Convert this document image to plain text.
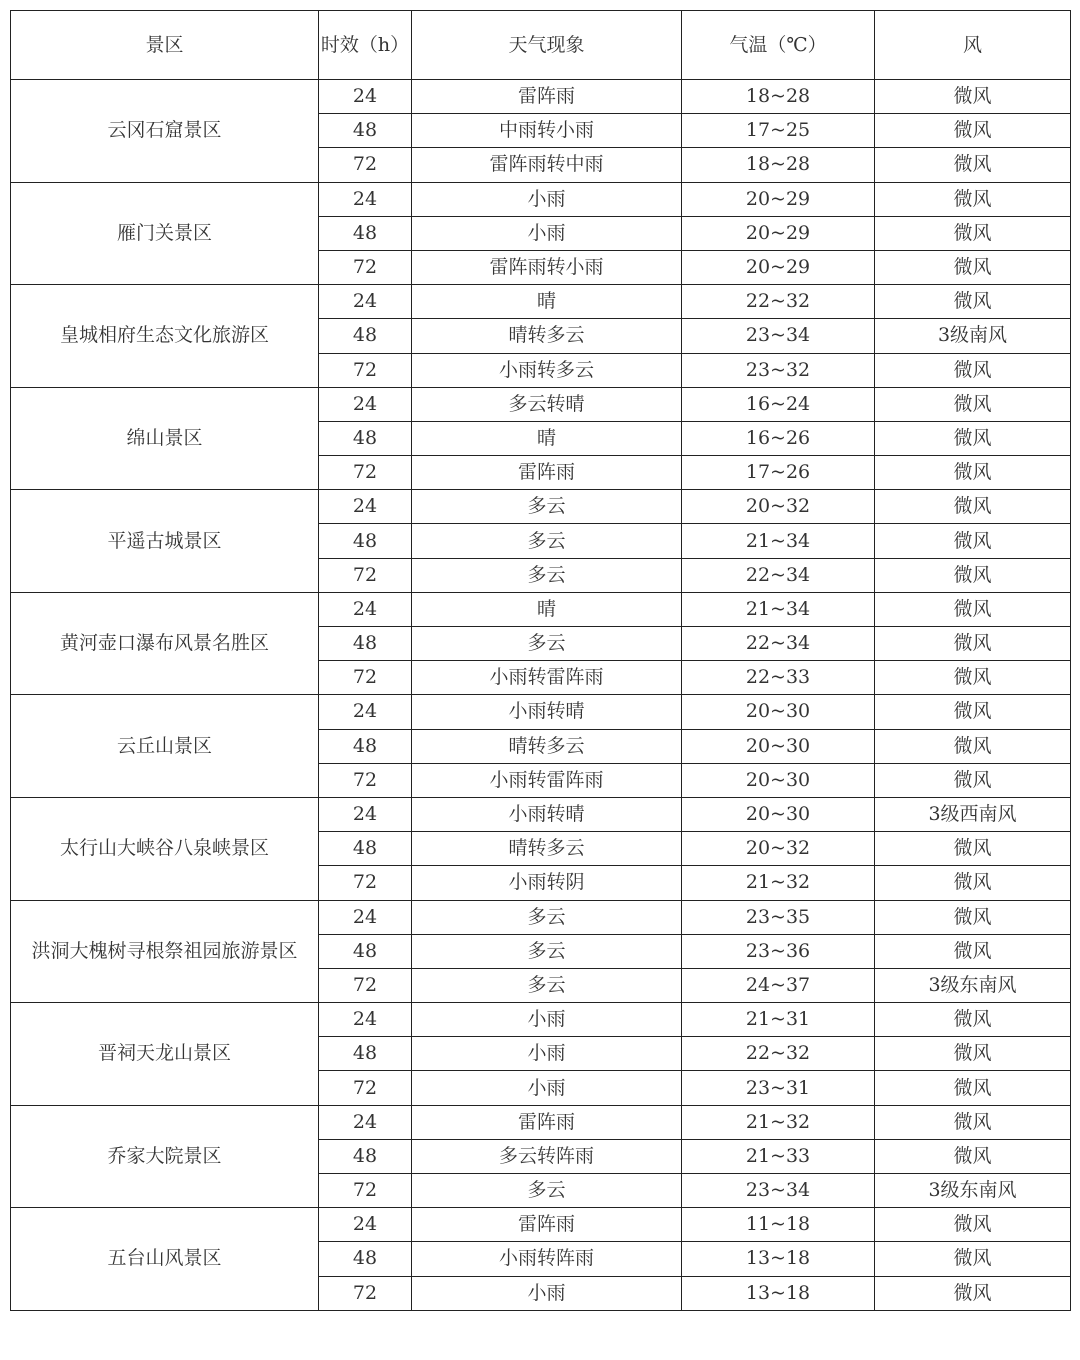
景区	时效（h）	天气现象	气温（℃）	风
云冈石窟景区	24	雷阵雨	18~28	微风
	48	中雨转小雨	17~25	微风
	72	雷阵雨转中雨	18~28	微风
雁门关景区	24	小雨	20~29	微风
	48	小雨	20~29	微风
	72	雷阵雨转小雨	20~29	微风
皇城相府生态文化旅游区	24	晴	22~32	微风
	48	晴转多云	23~34	3级南风
	72	小雨转多云	23~32	微风
绵山景区	24	多云转晴	16~24	微风
	48	晴	16~26	微风
	72	雷阵雨	17~26	微风
平遥古城景区	24	多云	20~32	微风
	48	多云	21~34	微风
	72	多云	22~34	微风
黄河壶口瀑布风景名胜区	24	晴	21~34	微风
	48	多云	22~34	微风
	72	小雨转雷阵雨	22~33	微风
云丘山景区	24	小雨转晴	20~30	微风
	48	晴转多云	20~30	微风
	72	小雨转雷阵雨	20~30	微风
太行山大峡谷八泉峡景区	24	小雨转晴	20~30	3级西南风
	48	晴转多云	20~32	微风
	72	小雨转阴	21~32	微风
洪洞大槐树寻根祭祖园旅游景区	24	多云	23~35	微风
	48	多云	23~36	微风
	72	多云	24~37	3级东南风
晋祠天龙山景区	24	小雨	21~31	微风
	48	小雨	22~32	微风
	72	小雨	23~31	微风
乔家大院景区	24	雷阵雨	21~32	微风
	48	多云转阵雨	21~33	微风
	72	多云	23~34	3级东南风
五台山风景区	24	雷阵雨	11~18	微风
	48	小雨转阵雨	13~18	微风
	72	小雨	13~18	微风
